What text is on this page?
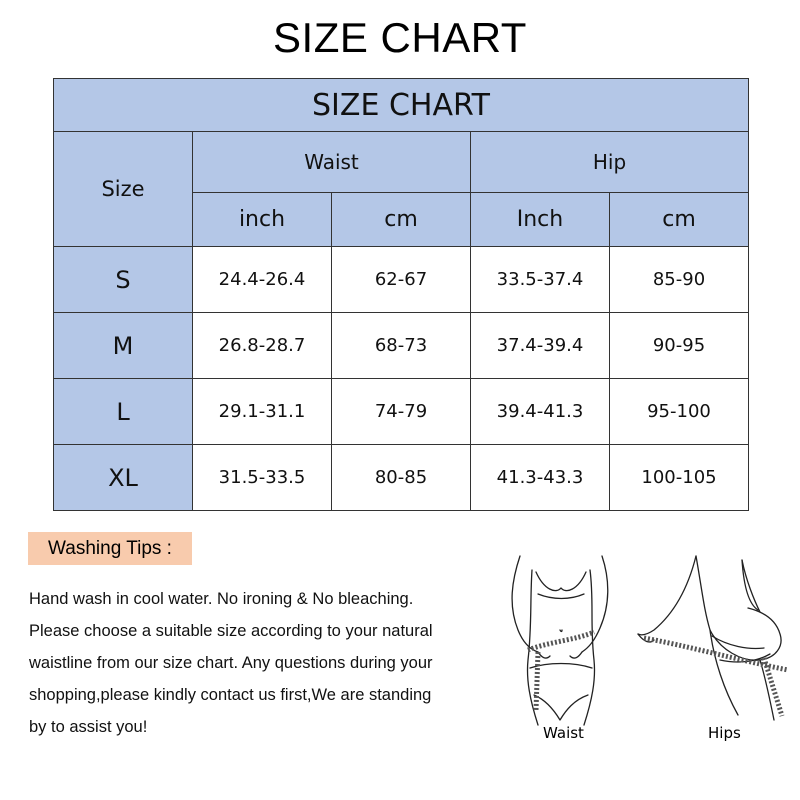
SIZE CHART
SIZE CHART				
Size	Waist		Hip	
	inch	cm	Inch	cm
S	24.4-26.4	62-67	33.5-37.4	85-90
M	26.8-28.7	68-73	37.4-39.4	90-95
L	29.1-31.1	74-79	39.4-41.3	95-100
XL	31.5-33.5	80-85	41.3-43.3	100-105
Washing Tips :
Hand wash in cool water. No ironing & No bleaching.
Please choose a suitable size according to your natural
waistline from our size chart. Any questions during your
shopping,please kindly contact us first,We are standing
by to assist you!	Waist	Hips
